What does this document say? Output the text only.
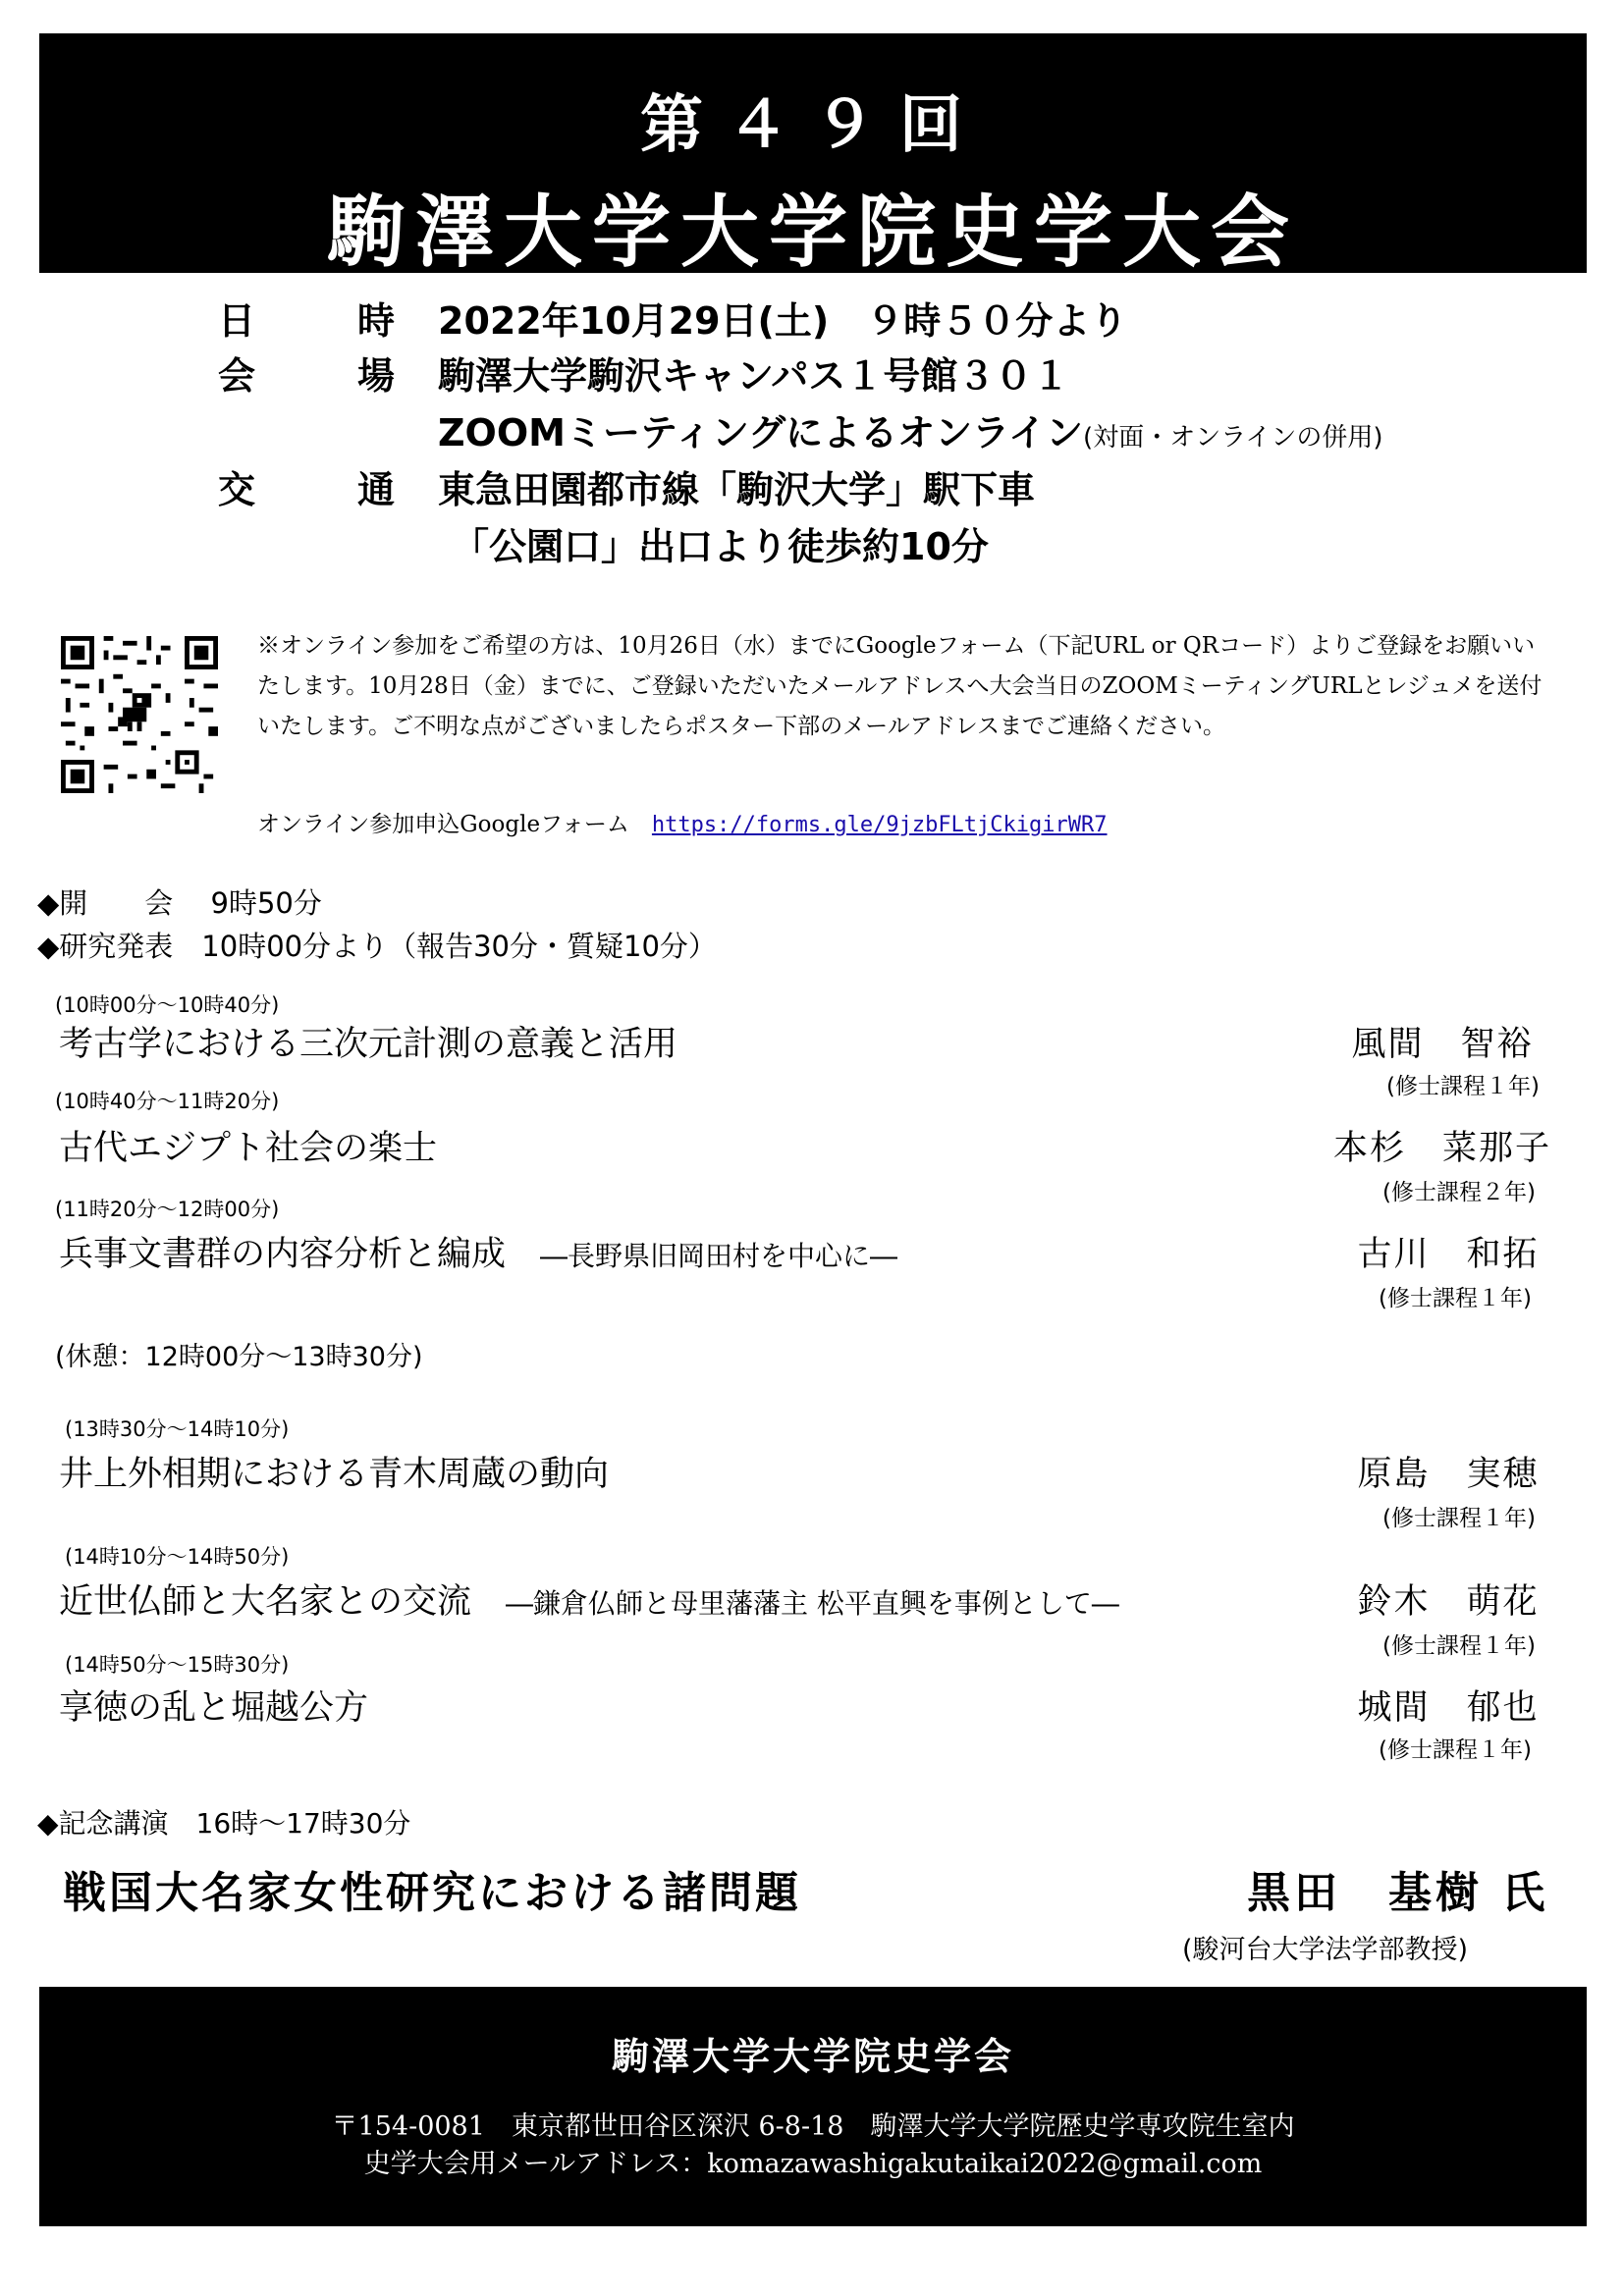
第４９回
駒澤大学大学院史学大会
日	時 2022年10月29日(土)　９時５０分より
会	場 駒澤大学駒沢キャンパス１号館３０１
ZOOMミーティングによるオンライン(対面・オンラインの併用)
交	通 東急田園都市線「駒沢大学」駅下車
「公園口」出口より徒歩約10分
※オンライン参加をご希望の方は、10月26日（水）までにGoogleフォーム（下記URL or QRコード）よりご登録をお願いいたします。10月28日（金）までに、ご登録いただいたメールアドレスへ大会当日のZOOMミーティングURLとレジュメを送付いたします。ご不明な点がございましたらポスター下部のメールアドレスまでご連絡ください。
オンライン参加申込Googleフォーム　 https://forms.gle/9jzbFLtjCkigirWR7
◆開　　会　 9時50分
◆研究発表　10時00分より（報告30分・質疑10分）
(10時00分～10時40分)
考古学における三次元計測の意義と活用	風間　智裕
(修士課程１年)
(10時40分～11時20分)
古代エジプト社会の楽士	本杉　菜那子
(修士課程２年)
(11時20分～12時00分)
兵事文書群の内容分析と編成　 ―長野県旧岡田村を中心に―	古川　和拓
(修士課程１年)
(休憩：12時00分～13時30分)
(13時30分～14時10分)
井上外相期における青木周蔵の動向	原島　実穂
(修士課程１年)
(14時10分～14時50分)
近世仏師と大名家との交流　 ―鎌倉仏師と母里藩藩主 松平直興を事例として―	鈴木　萌花
(修士課程１年)
(14時50分～15時30分)
享徳の乱と堀越公方	城間　郁也
(修士課程１年)
◆記念講演　16時～17時30分
戦国大名家女性研究における諸問題	黒田　基樹 氏
(駿河台大学法学部教授)
駒澤大学大学院史学会
〒154-0081　東京都世田谷区深沢 6-8-18　駒澤大学大学院歴史学専攻院生室内
史学大会用メールアドレス：komazawashigakutaikai2022@gmail.com
